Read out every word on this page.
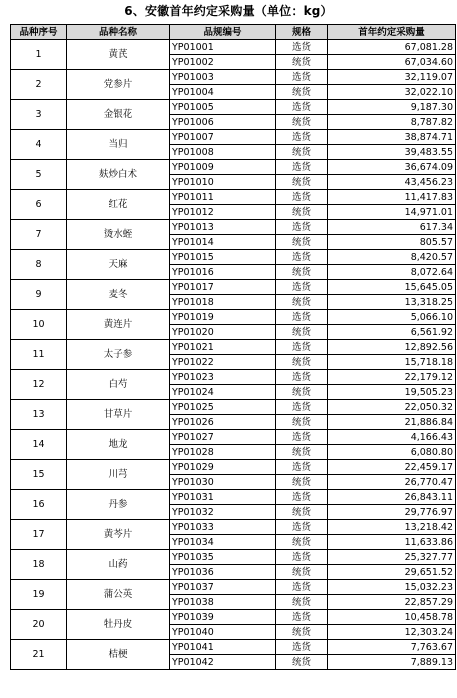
6、安徽首年约定采购量（单位：kg）
品种序号	品种名称	品规编号	规格	首年约定采购量
1	黄芪	YP01001	选货	67,081.28
		YP01002	统货	67,034.60
2	党参片	YP01003	选货	32,119.07
		YP01004	统货	32,022.10
3	金银花	YP01005	选货	9,187.30
		YP01006	统货	8,787.82
4	当归	YP01007	选货	38,874.71
		YP01008	统货	39,483.55
5	麸炒白术	YP01009	选货	36,674.09
		YP01010	统货	43,456.23
6	红花	YP01011	选货	11,417.83
		YP01012	统货	14,971.01
7	烫水蛭	YP01013	选货	617.34
		YP01014	统货	805.57
8	天麻	YP01015	选货	8,420.57
		YP01016	统货	8,072.64
9	麦冬	YP01017	选货	15,645.05
		YP01018	统货	13,318.25
10	黄连片	YP01019	选货	5,066.10
		YP01020	统货	6,561.92
11	太子参	YP01021	选货	12,892.56
		YP01022	统货	15,718.18
12	白芍	YP01023	选货	22,179.12
		YP01024	统货	19,505.23
13	甘草片	YP01025	选货	22,050.32
		YP01026	统货	21,886.84
14	地龙	YP01027	选货	4,166.43
		YP01028	统货	6,080.80
15	川芎	YP01029	选货	22,459.17
		YP01030	统货	26,770.47
16	丹参	YP01031	选货	26,843.11
		YP01032	统货	29,776.97
17	黄芩片	YP01033	选货	13,218.42
		YP01034	统货	11,633.86
18	山药	YP01035	选货	25,327.77
		YP01036	统货	29,651.52
19	蒲公英	YP01037	选货	15,032.23
		YP01038	统货	22,857.29
20	牡丹皮	YP01039	选货	10,458.78
		YP01040	统货	12,303.24
21	桔梗	YP01041	选货	7,763.67
		YP01042	统货	7,889.13
